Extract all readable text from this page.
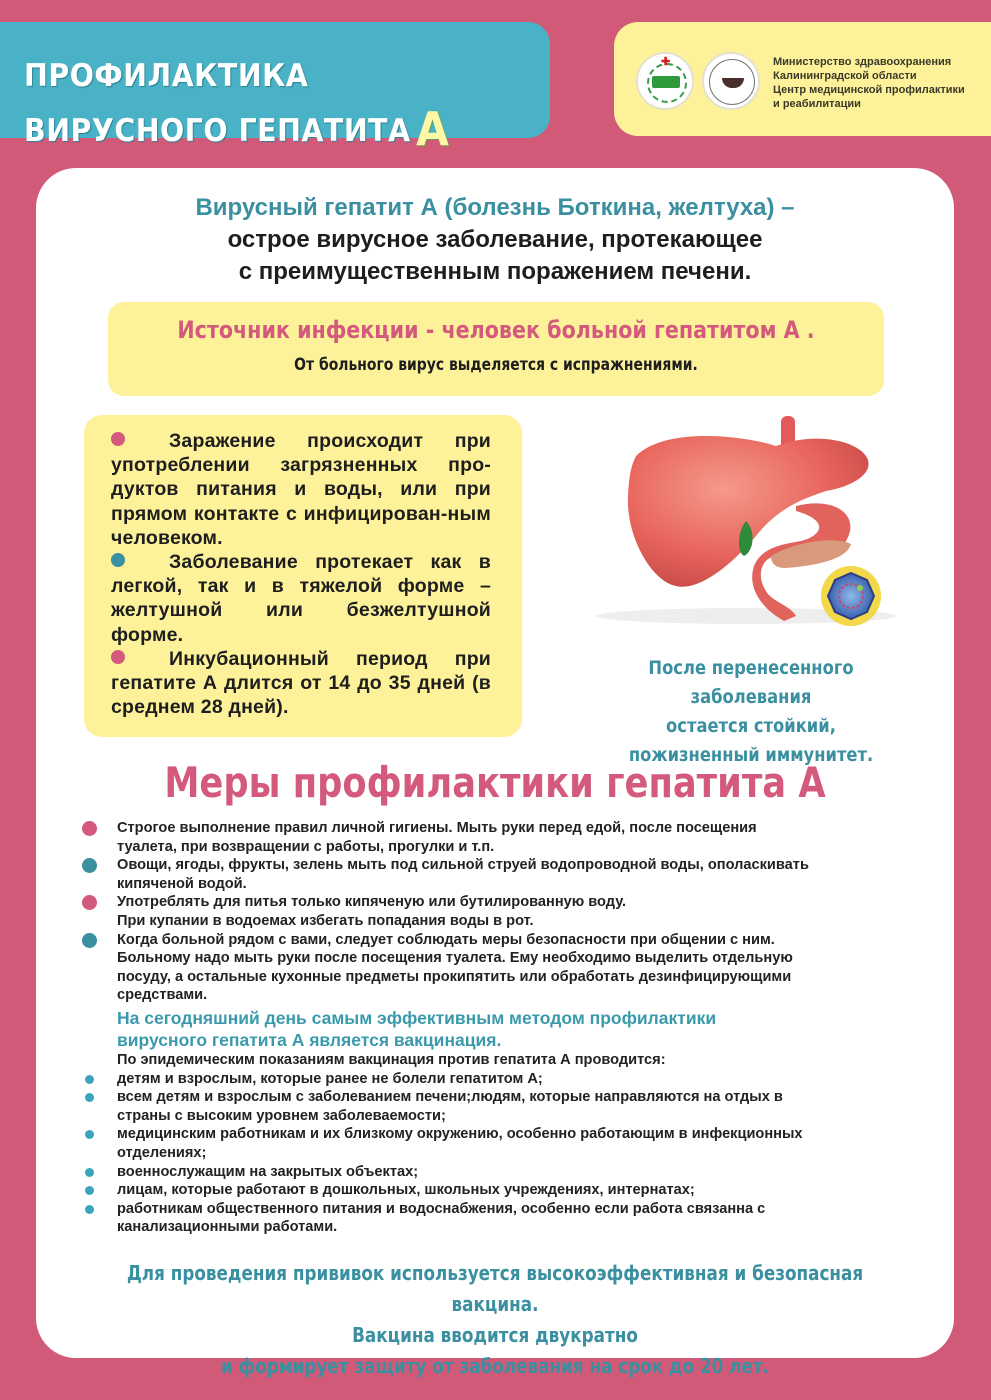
ПРОФИЛАКТИКА
ВИРУСНОГО ГЕПАТИТА А
✚	Министерство здравоохранения
Калининградской области
Центр медицинской профилактики
и реабилитации
Вирусный гепатит А (болезнь Боткина, желтуха) –
острое вирусное заболевание, протекающее
с преимущественным поражением печени.
Источник инфекции - человек больной гепатитом А .
От больного вирус выделяется с испражнениями.
Заражение происходит при употреблении загрязненных про-дуктов питания и воды, или при прямом контакте с инфицирован-ным человеком.
Заболевание протекает как в легкой, так и в тяжелой форме – желтушной или безжелтушной форме.
Инкубационный период при гепатите А длится от 14 до 35 дней (в среднем 28 дней).
После перенесенного заболевания
остается стойкий,
пожизненный иммунитет.
Меры профилактики гепатита А
Строгое выполнение правил личной гигиены. Мыть руки перед едой, после посещения
туалета, при возвращении с работы, прогулки и т.п.
Овощи, ягоды, фрукты, зелень мыть под сильной струей водопроводной воды, ополаскивать
кипяченой водой.
Употреблять для питья только кипяченую или бутилированную воду.
При купании в водоемах избегать попадания воды в рот.
Когда больной рядом с вами, следует соблюдать меры безопасности при общении с ним.
Больному надо мыть руки после посещения туалета. Ему необходимо выделить отдельную
посуду, а остальные кухонные предметы прокипятить или обработать дезинфицирующими
средствами.
На сегодняшний день самым эффективным методом профилактики
вирусного гепатита А является вакцинация.
По эпидемическим показаниям вакцинация против гепатита А проводится:
детям и взрослым, которые ранее не болели гепатитом А;
всем детям и взрослым с заболеванием печени;людям, которые направляются на отдых в
страны с высоким уровнем заболеваемости;
медицинским работникам и их близкому окружению, особенно работающим в инфекционных
отделениях;
военнослужащим на закрытых объектах;
лицам, которые работают в дошкольных, школьных учреждениях, интернатах;
работникам общественного питания и водоснабжения, особенно если работа связанна с
канализационными работами.
Для проведения прививок используется высокоэффективная и безопасная вакцина.
Вакцина вводится двукратно
и формирует защиту от заболевания на срок до 20 лет.
